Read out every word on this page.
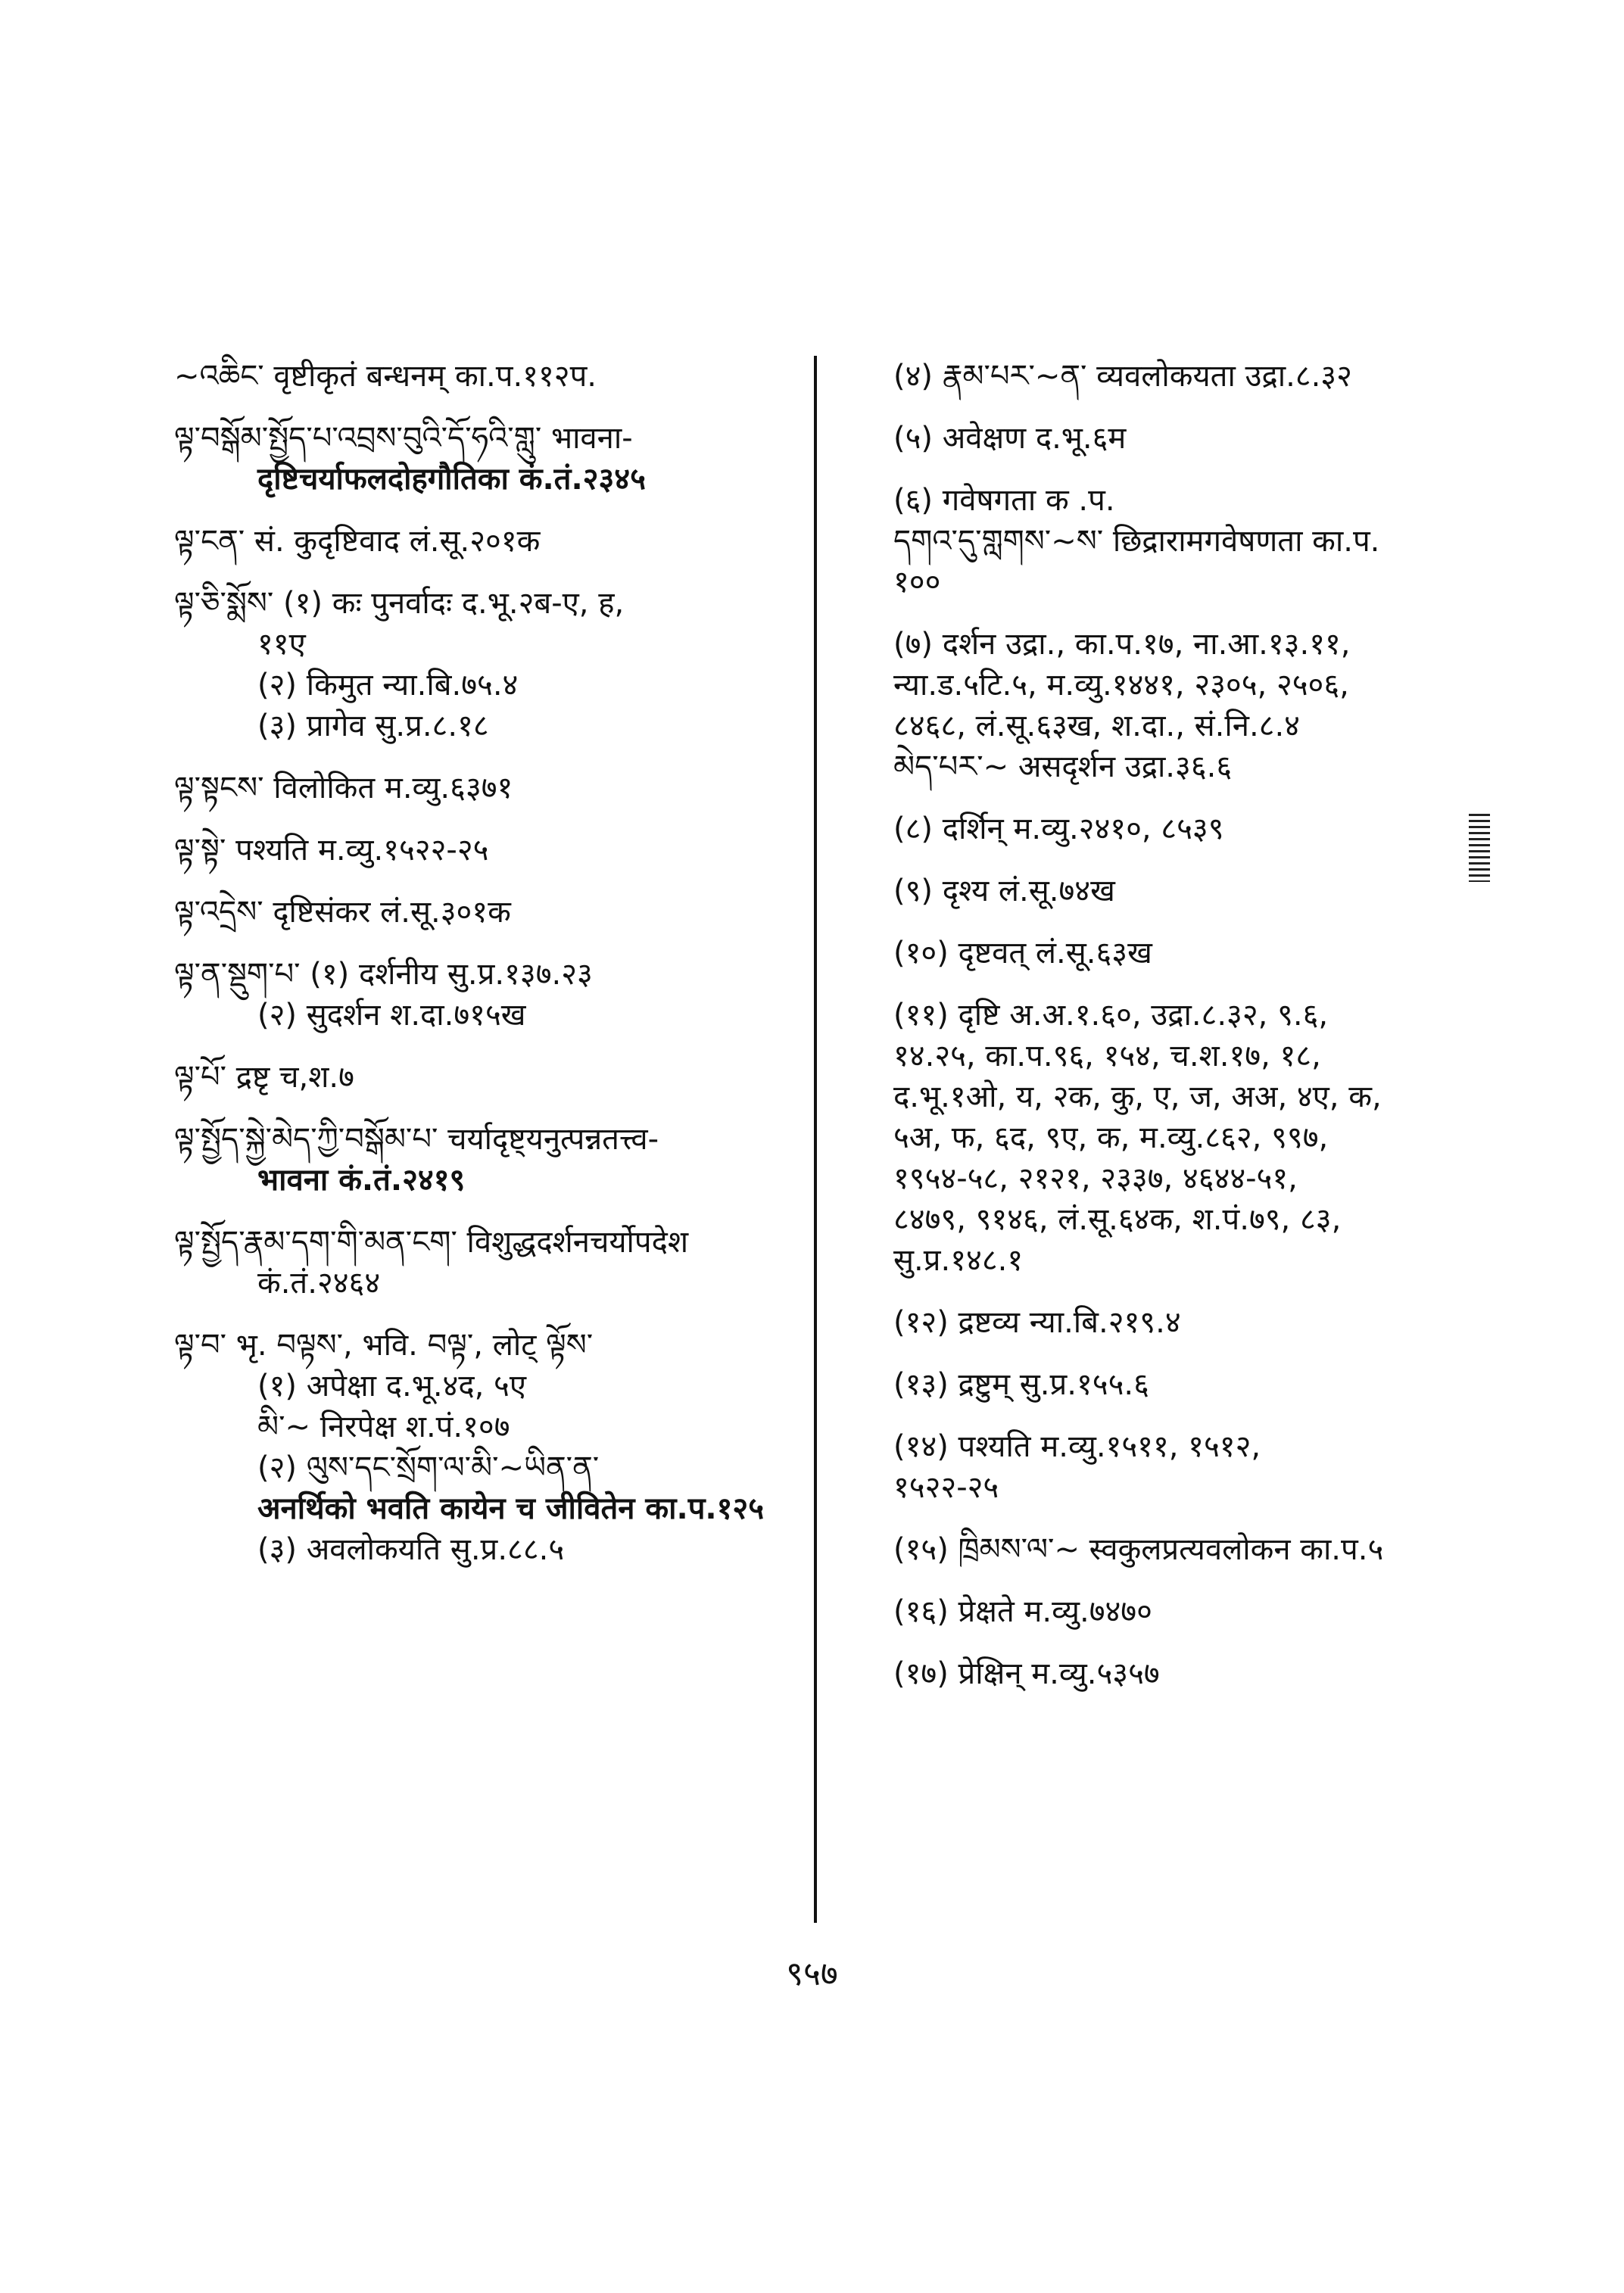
~འཆིང་ वृष्टीकृतं बन्धनम् का.प.११२प.
ལྟ་བསྒོམ་སྤྱོད་པ་འབྲས་བུའི་དོ་ཧའི་གླུ་ भावना-
दृष्टिचर्याफलदोहगौतिका कं.तं.२३४५
ལྟ་ངན་ सं. कुदृष्टिवाद लं.सू.२०१क
ལྟ་ཅི་སྨོས་ (१) कः पुनर्वादः द.भू.२ब-ए, ह,
११ए
(२) किमुत न्या.बि.७५.४
(३) प्रागेव सु.प्र.८.१८
ལྟ་སྟངས་ विलोकित म.व्यु.६३७१
ལྟ་སྟེ་ पश्यति म.व्यु.१५२२-२५
ལྟ་འདྲེས་ दृष्टिसंकर लं.सू.३०१क
ལྟ་ན་སྡུག་པ་ (१) दर्शनीय सु.प्र.१३७.२३
(२) सुदर्शन श.दा.७१५ख
ལྟ་པོ་ द्रष्टृ च,श.७
ལྟ་སྤྱོད་སྐྱེ་མེད་ཀྱི་བསྒོམ་པ་ चर्यादृष्ट्यनुत्पन्नतत्त्व-
भावना कं.तं.२४१९
ལྟ་སྤྱོད་རྣམ་དག་གི་མན་ངག་ विशुद्धदर्शनचर्योपदेश
कं.तं.२४६४
ལྟ་བ་ भृ. བལྟས་, भवि. བལྟ་, लोट् ལྟོས་
(१) अपेक्षा द.भू.४द, ५ए
མི་~ निरपेक्ष श.पं.१०७
(२) ལུས་དང་སྲོག་ལ་མི་~ཡིན་ན་
अनर्थिको भवति कायेन च जीवितेन का.प.१२५
(३) अवलोकयति सु.प्र.८८.५
(४) རྣམ་པར་~ན་ व्यवलोकयता उद्रा.८.३२
(५) अवेक्षण द.भू.६म
(६) गवेषगता क .प.
དགའ་དུ་གླགས་~ས་ छिद्रारामगवेषणता का.प.
१००
(७) दर्शन उद्रा., का.प.१७, ना.आ.१३.११,
न्या.ड.५टि.५, म.व्यु.१४४१, २३०५, २५०६,
८४६८, लं.सू.६३ख, श.दा., सं.नि.८.४
མེད་པར་~ असदृर्शन उद्रा.३६.६
(८) दर्शिन् म.व्यु.२४१०, ८५३९
(९) दृश्य लं.सू.७४ख
(१०) दृष्टवत् लं.सू.६३ख
(११) दृष्टि अ.अ.१.६०, उद्रा.८.३२, ९.६,
१४.२५, का.प.९६, १५४, च.श.१७, १८,
द.भू.१ओ, य, २क, कु, ए, ज, अअ, ४ए, क,
५अ, फ, ६द, ९ए, क, म.व्यु.८६२, ९९७,
१९५४-५८, २१२१, २३३७, ४६४४-५१,
८४७९, ९१४६, लं.सू.६४क, श.पं.७९, ८३,
सु.प्र.१४८.१
(१२) द्रष्टव्य न्या.बि.२१९.४
(१३) द्रष्टुम् सु.प्र.१५५.६
(१४) पश्यति म.व्यु.१५११, १५१२,
१५२२-२५
(१५) ཁྲིམས་ལ་~ स्वकुलप्रत्यवलोकन का.प.५
(१६) प्रेक्षते म.व्यु.७४७०
(१७) प्रेक्षिन् म.व्यु.५३५७
९५७
